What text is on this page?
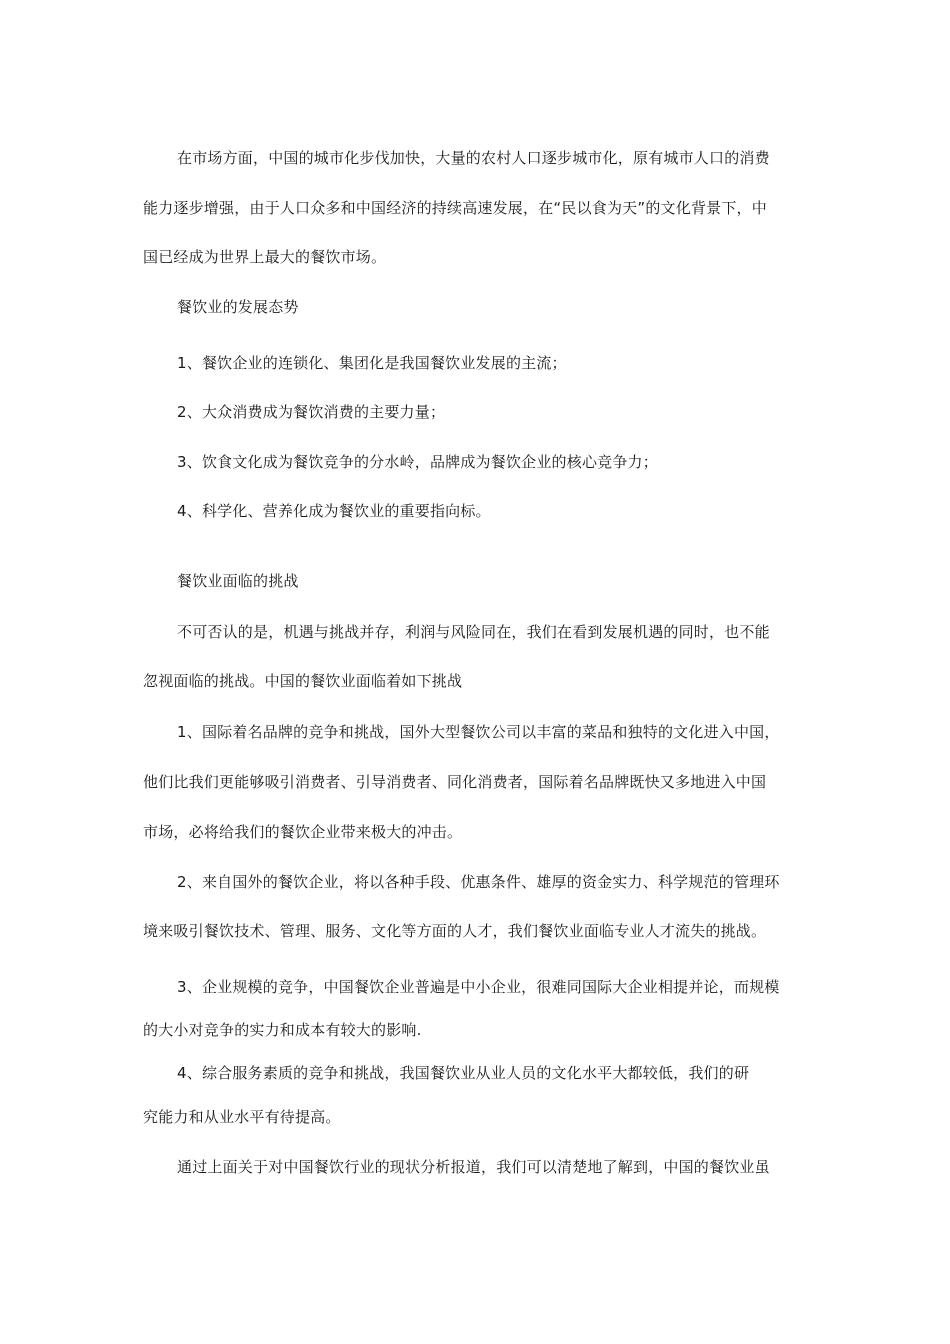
在市场方面，中国的城市化步伐加快，大量的农村人口逐步城市化，原有城市人口的消费
能力逐步增强，由于人口众多和中国经济的持续高速发展，在“民以食为天”的文化背景下，中
国已经成为世界上最大的餐饮市场。
餐饮业的发展态势
1、餐饮企业的连锁化、集团化是我国餐饮业发展的主流；
2、大众消费成为餐饮消费的主要力量；
3、饮食文化成为餐饮竞争的分水岭，品牌成为餐饮企业的核心竞争力；
4、科学化、营养化成为餐饮业的重要指向标。
餐饮业面临的挑战
不可否认的是，机遇与挑战并存，利润与风险同在，我们在看到发展机遇的同时，也不能
忽视面临的挑战。中国的餐饮业面临着如下挑战
1、国际着名品牌的竞争和挑战，国外大型餐饮公司以丰富的菜品和独特的文化进入中国，
他们比我们更能够吸引消费者、引导消费者、同化消费者，国际着名品牌既快又多地进入中国
市场，必将给我们的餐饮企业带来极大的冲击。
2、来自国外的餐饮企业，将以各种手段、优惠条件、雄厚的资金实力、科学规范的管理环
境来吸引餐饮技术、管理、服务、文化等方面的人才，我们餐饮业面临专业人才流失的挑战。
3、企业规模的竞争，中国餐饮企业普遍是中小企业，很难同国际大企业相提并论，而规模
的大小对竞争的实力和成本有较大的影响.
4、综合服务素质的竞争和挑战，我国餐饮业从业人员的文化水平大都较低，我们的研
究能力和从业水平有待提高。
通过上面关于对中国餐饮行业的现状分析报道，我们可以清楚地了解到，中国的餐饮业虽
